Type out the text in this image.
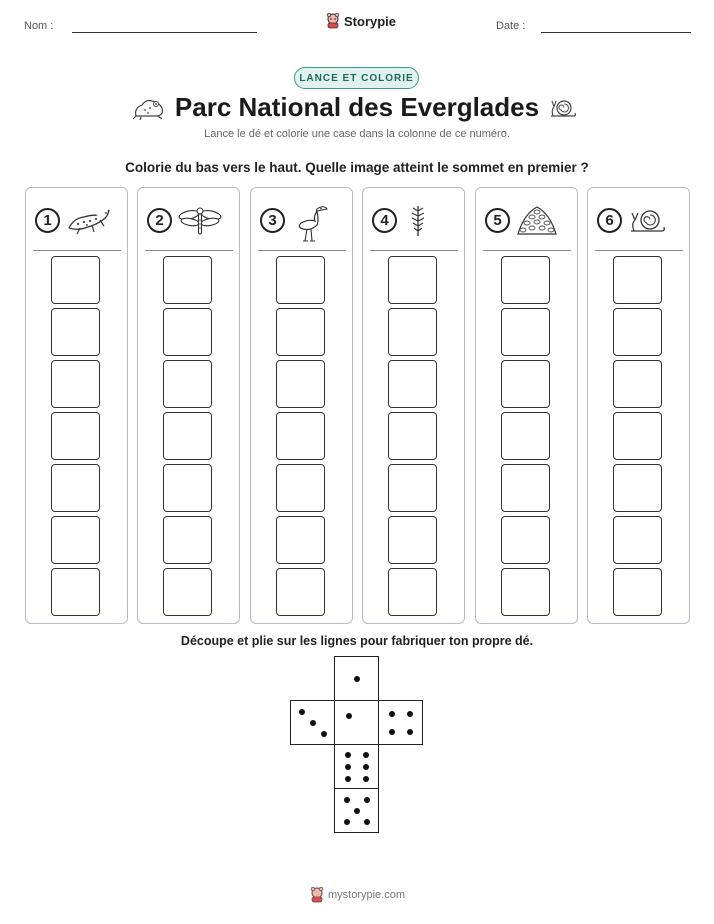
Nom :	Storypie	Date :
LANCE ET COLORIE
Parc National des Everglades
Lance le dé et colorie une case dans la colonne de ce numéro.
Colorie du bas vers le haut. Quelle image atteint le sommet en premier ?
1	2	3	4	5	6
Découpe et plie sur les lignes pour fabriquer ton propre dé.
mystorypie.com
